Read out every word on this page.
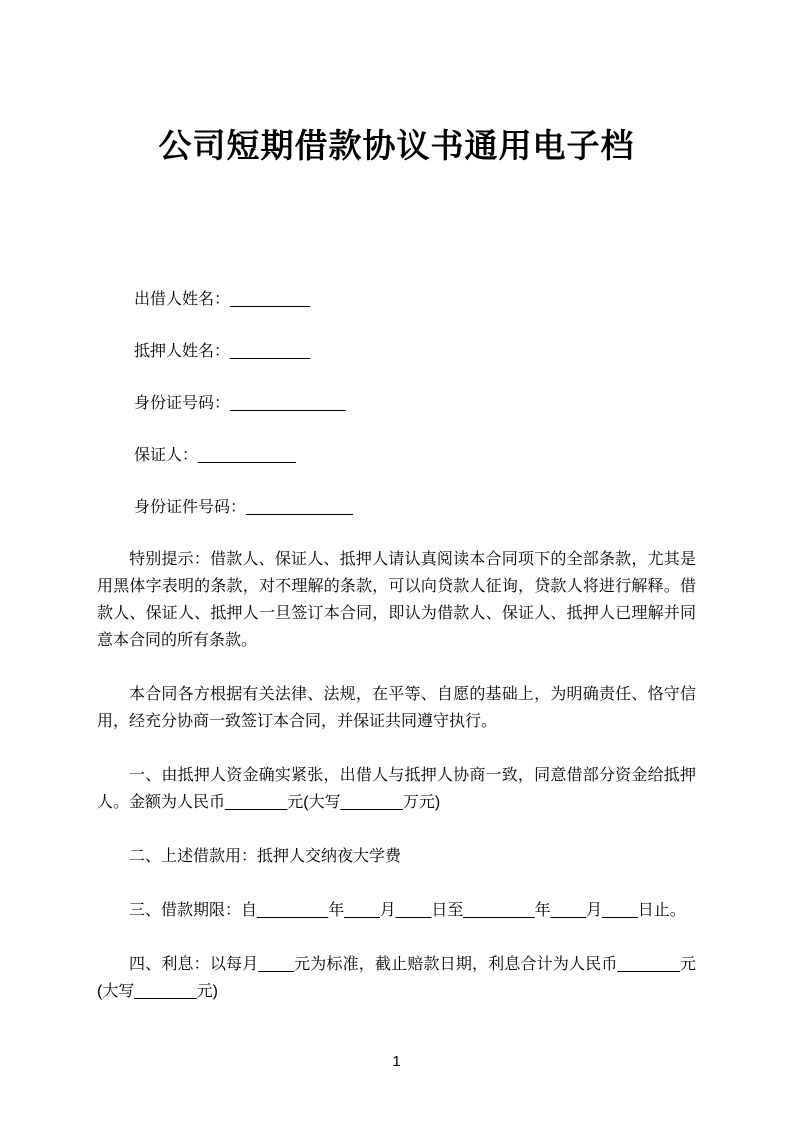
公司短期借款协议书通用电子档
出借人姓名：_________
抵押人姓名：_________
身份证号码：_____________
保证人：___________
身份证件号码：____________

特别提示：借款人、保证人、抵押人请认真阅读本合同项下的全部条款，尤其是用黑体字表明的条款，对不理解的条款，可以向贷款人征询，贷款人将进行解释。借款人、保证人、抵押人一旦签订本合同，即认为借款人、保证人、抵押人已理解并同意本合同的所有条款。

本合同各方根据有关法律、法规，在平等、自愿的基础上，为明确责任、恪守信用，经充分协商一致签订本合同，并保证共同遵守执行。

一、由抵押人资金确实紧张，出借人与抵押人协商一致，同意借部分资金给抵押人。金额为人民币_______元(大写_______万元)

二、上述借款用：抵押人交纳夜大学费

三、借款期限：自________年____月____日至________年____月____日止。

四、利息：以每月____元为标准，截止赔款日期，利息合计为人民币_______元(大写_______元)

1
